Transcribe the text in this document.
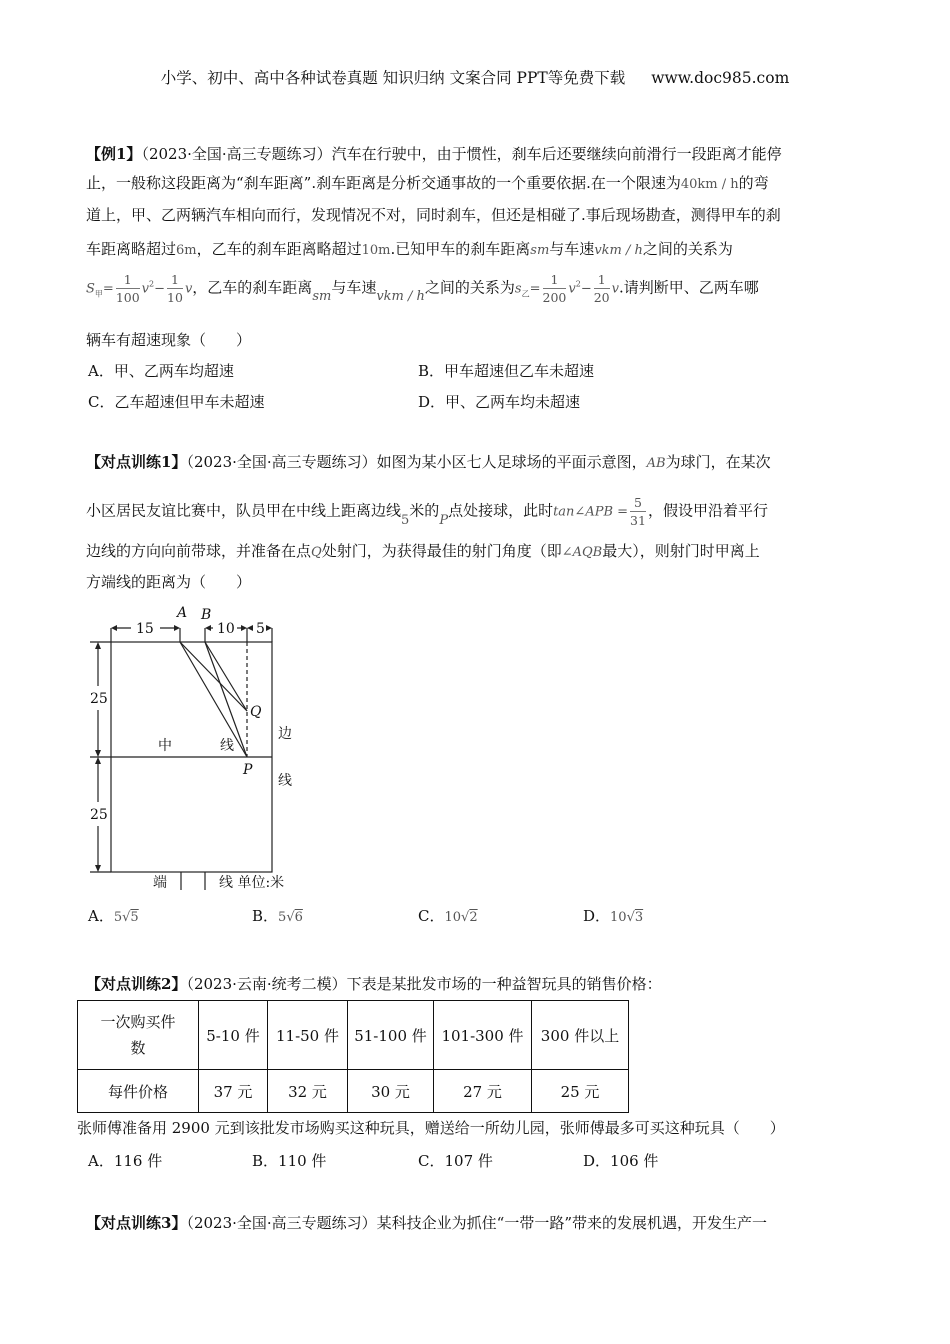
小学、初中、高中各种试卷真题 知识归纳 文案合同 PPT等免费下载 www.doc985.com
【例1】（2023·全国·高三专题练习）汽车在行驶中，由于惯性，刹车后还要继续向前滑行一段距离才能停
止，一般称这段距离为“刹车距离”.刹车距离是分析交通事故的一个重要依据.在一个限速为40km / h的弯
道上，甲、乙两辆汽车相向而行，发现情况不对，同时刹车，但还是相碰了.事后现场勘查，测得甲车的刹
车距离略超过6m，乙车的刹车距离略超过10m.已知甲车的刹车距离sm与车速vkm / h之间的关系为
$S_甲= \frac{1}{100} v^2- \frac{1}{10}$ v，乙车的刹车距离sm与车速vkm / h之间的关系为$s_乙= \frac{1}{200} v^2- \frac{1}{20} v$.请判断甲、乙两车哪
辆车有超速现象（　　）
A．甲、乙两车均超速	B．甲车超速但乙车未超速
C．乙车超速但甲车未超速	D．甲、乙两车均未超速
【对点训练1】（2023·全国·高三专题练习）如图为某小区七人足球场的平面示意图，AB为球门，在某次
小区居民友谊比赛中，队员甲在中线上距离边线5米的P点处接球，此时tan∠APB = $\frac{5}{31}$ ，假设甲沿着平行
边线的方向向前带球，并准备在点Q处射门，为获得最佳的射门角度（即∠AQB最大），则射门时甲离上
方端线的距离为（　　）
A B
15	10 5
25
25
Q
P
中	线
边
线
端	线 单位:米
A．5√5	B．5√6	C．10√2	D．10√3
【对点训练2】（2023·云南·统考二模）下表是某批发市场的一种益智玩具的销售价格：
一次购买件
数	5-10 件	11-50 件	51-100 件	101-300 件	300 件以上
每件价格	37 元	32 元	30 元	27 元	25 元
张师傅准备用 2900 元到该批发市场购买这种玩具，赠送给一所幼儿园，张师傅最多可买这种玩具（　　）
A．116 件	B．110 件	C．107 件	D．106 件
【对点训练3】（2023·全国·高三专题练习）某科技企业为抓住“一带一路”带来的发展机遇，开发生产一
